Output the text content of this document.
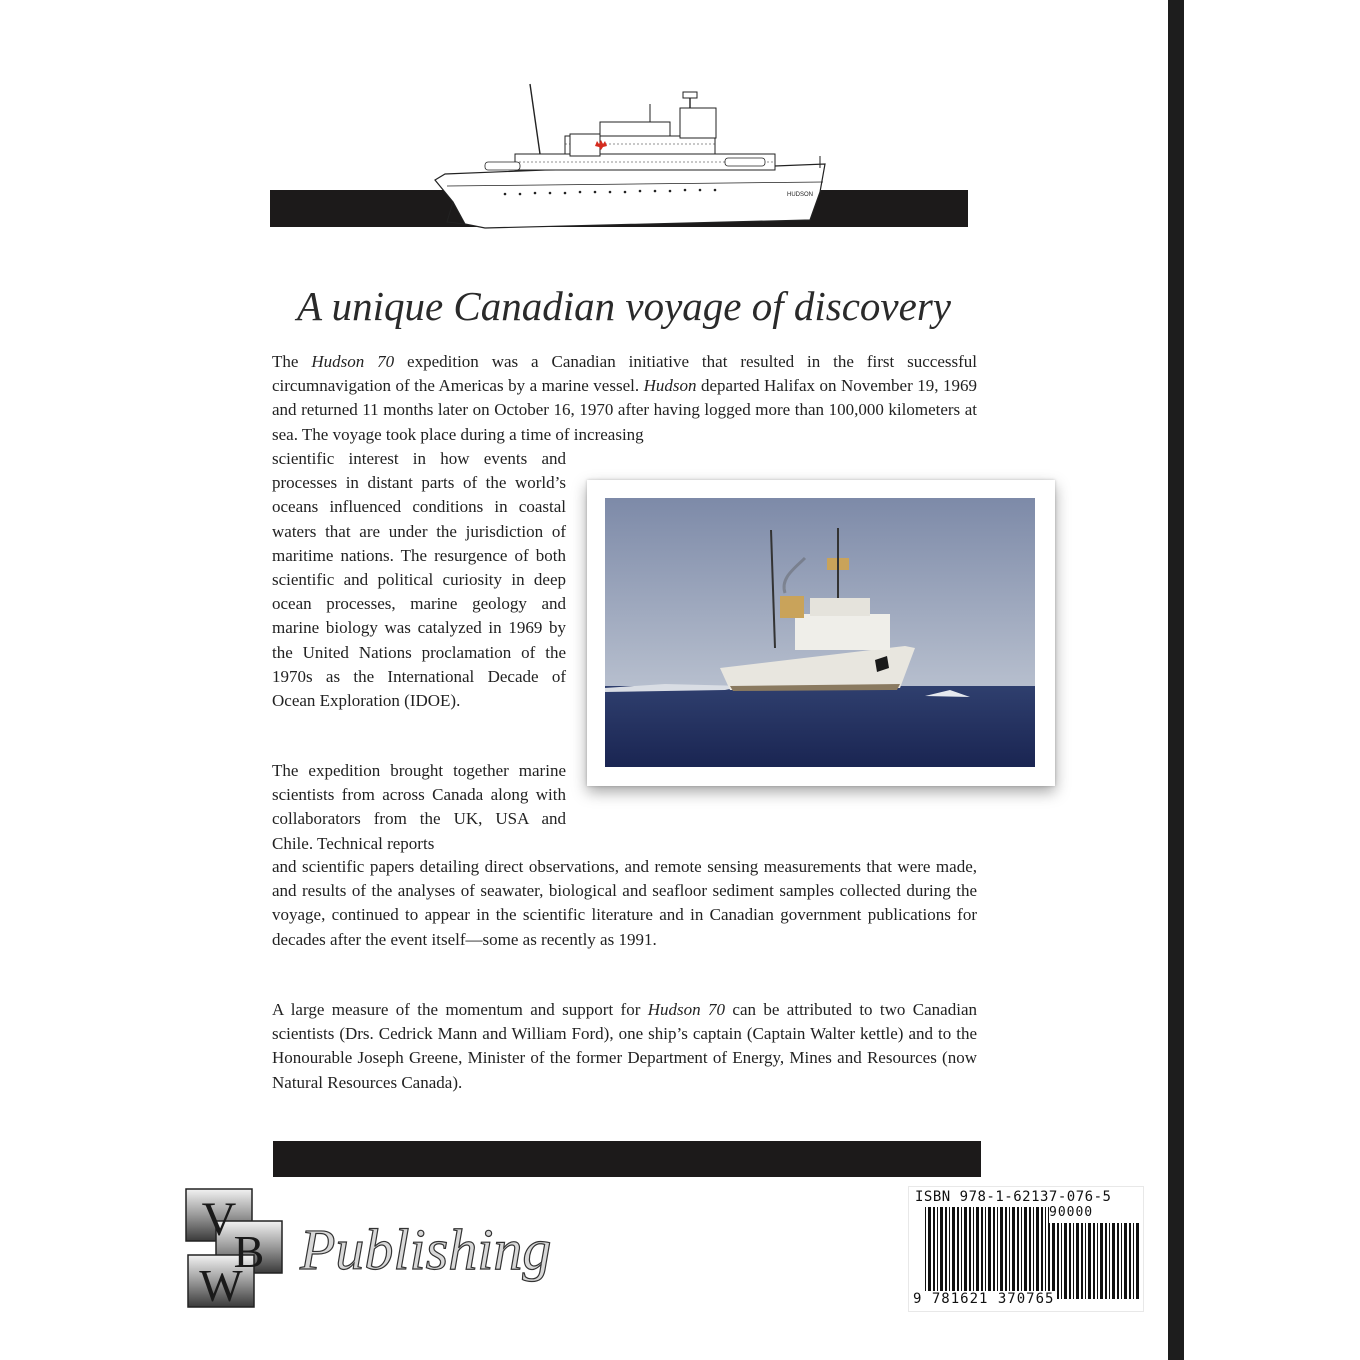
HUDSON
A unique Canadian voyage of discovery

The Hudson 70 expedition was a Canadian initiative that resulted in the first successful circumnavigation of the Americas by a marine vessel. Hudson departed Halifax on November 19, 1969 and returned 11 months later on October 16, 1970 after having logged more than 100,000 kilometers at sea. The voyage took place during a time of increasing

scientific interest in how events and processes in distant parts of the world’s oceans influenced conditions in coastal waters that are under the jurisdiction of maritime nations. The resurgence of both scientific and political curiosity in deep ocean processes, marine geology and marine biology was catalyzed in 1969 by the United Nations proclamation of the 1970s as the International Decade of Ocean Exploration (IDOE).

The expedition brought together marine scientists from across Canada along with collaborators from the UK, USA and Chile. Technical reports

and scientific papers detailing direct observations, and remote sensing measurements that were made, and results of the analyses of seawater, biological and seafloor sediment samples collected during the voyage, continued to appear in the scientific literature and in Canadian government publications for decades after the event itself—some as recently as 1991.

A large measure of the momentum and support for Hudson 70 can be attributed to two Canadian scientists (Drs. Cedrick Mann and William Ford), one ship’s captain (Captain Walter kettle) and to the Honourable Joseph Greene, Minister of the former Department of Energy, Mines and Resources (now Natural Resources Canada).

V
B
W
Publishing
ISBN 978-1-62137-076-5
90000
9 781621 370765
